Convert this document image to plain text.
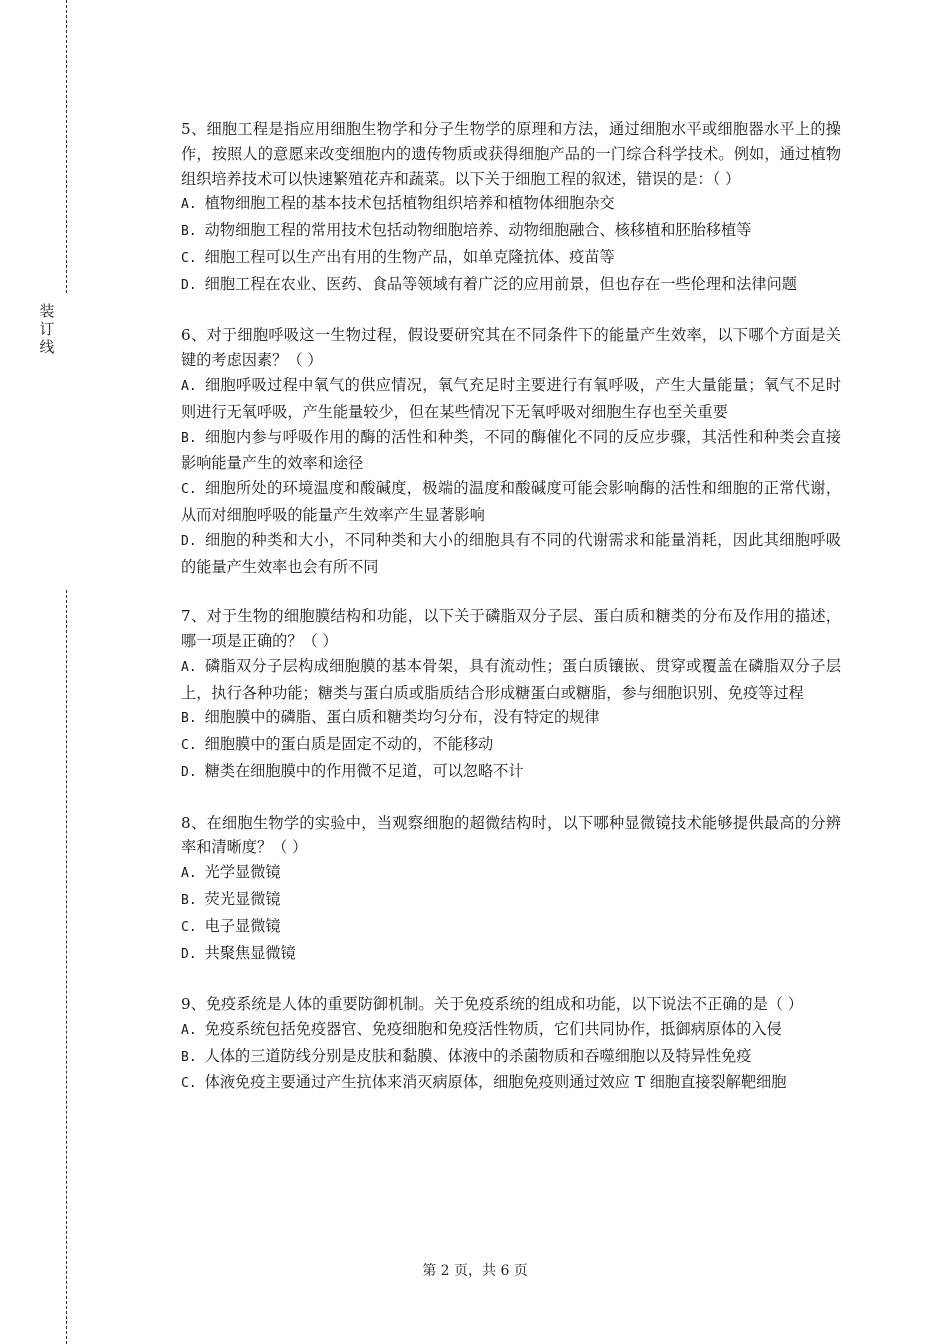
装
订
线

5、细胞工程是指应用细胞生物学和分子生物学的原理和方法，通过细胞水平或细胞器水平上的操作，按照人的意愿来改变细胞内的遗传物质或获得细胞产品的一门综合科学技术。例如，通过植物组织培养技术可以快速繁殖花卉和蔬菜。以下关于细胞工程的叙述，错误的是：（ ）

A. 植物细胞工程的基本技术包括植物组织培养和植物体细胞杂交

B. 动物细胞工程的常用技术包括动物细胞培养、动物细胞融合、核移植和胚胎移植等

C. 细胞工程可以生产出有用的生物产品，如单克隆抗体、疫苗等

D. 细胞工程在农业、医药、食品等领域有着广泛的应用前景，但也存在一些伦理和法律问题

6、对于细胞呼吸这一生物过程，假设要研究其在不同条件下的能量产生效率，以下哪个方面是关键的考虑因素？（ ）

A. 细胞呼吸过程中氧气的供应情况，氧气充足时主要进行有氧呼吸，产生大量能量；氧气不足时则进行无氧呼吸，产生能量较少，但在某些情况下无氧呼吸对细胞生存也至关重要

B. 细胞内参与呼吸作用的酶的活性和种类，不同的酶催化不同的反应步骤，其活性和种类会直接影响能量产生的效率和途径

C. 细胞所处的环境温度和酸碱度，极端的温度和酸碱度可能会影响酶的活性和细胞的正常代谢，从而对细胞呼吸的能量产生效率产生显著影响

D. 细胞的种类和大小，不同种类和大小的细胞具有不同的代谢需求和能量消耗，因此其细胞呼吸的能量产生效率也会有所不同

7、对于生物的细胞膜结构和功能，以下关于磷脂双分子层、蛋白质和糖类的分布及作用的描述，哪一项是正确的？（ ）

A. 磷脂双分子层构成细胞膜的基本骨架，具有流动性；蛋白质镶嵌、贯穿或覆盖在磷脂双分子层上，执行各种功能；糖类与蛋白质或脂质结合形成糖蛋白或糖脂，参与细胞识别、免疫等过程

B. 细胞膜中的磷脂、蛋白质和糖类均匀分布，没有特定的规律

C. 细胞膜中的蛋白质是固定不动的，不能移动

D. 糖类在细胞膜中的作用微不足道，可以忽略不计

8、在细胞生物学的实验中，当观察细胞的超微结构时，以下哪种显微镜技术能够提供最高的分辨率和清晰度？（ ）

A. 光学显微镜

B. 荧光显微镜

C. 电子显微镜

D. 共聚焦显微镜

9、免疫系统是人体的重要防御机制。关于免疫系统的组成和功能，以下说法不正确的是（ ）

A. 免疫系统包括免疫器官、免疫细胞和免疫活性物质，它们共同协作，抵御病原体的入侵

B. 人体的三道防线分别是皮肤和黏膜、体液中的杀菌物质和吞噬细胞以及特异性免疫

C. 体液免疫主要通过产生抗体来消灭病原体，细胞免疫则通过效应 T 细胞直接裂解靶细胞

第 2 页，共 6 页
